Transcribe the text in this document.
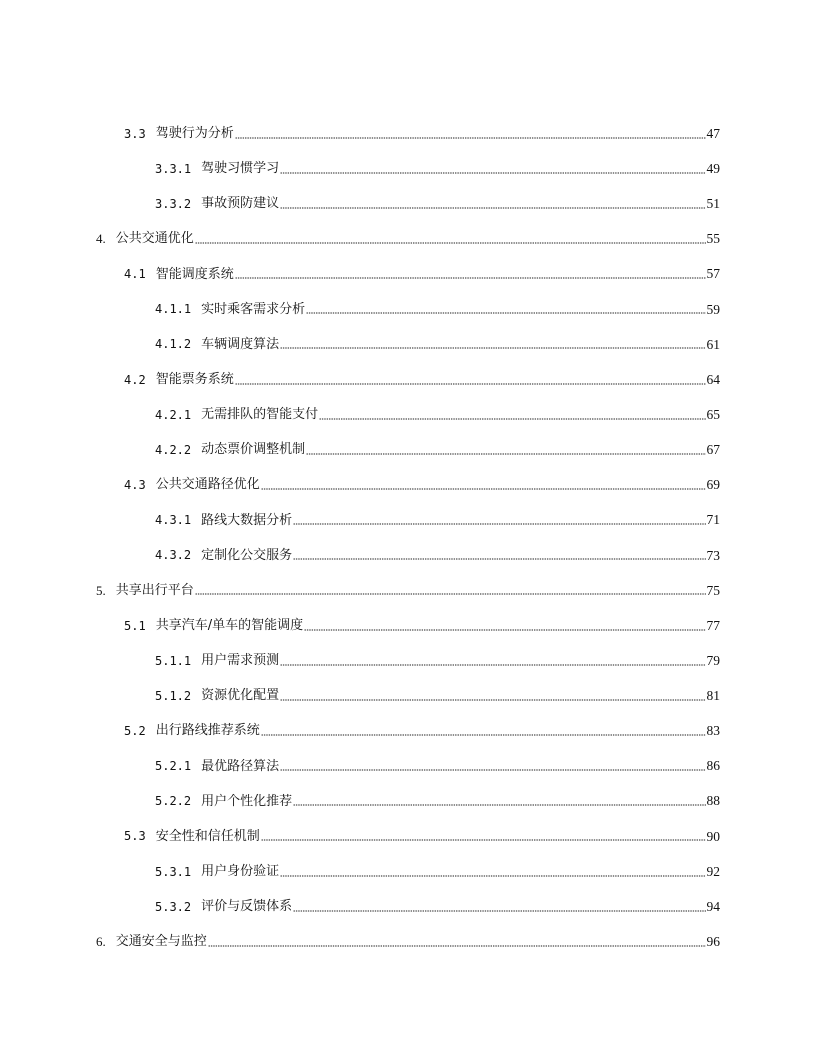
3.3 驾驶行为分析	47
3.3.1 驾驶习惯学习	49
3.3.2 事故预防建议	51
4. 公共交通优化	55
4.1 智能调度系统	57
4.1.1 实时乘客需求分析	59
4.1.2 车辆调度算法	61
4.2 智能票务系统	64
4.2.1 无需排队的智能支付	65
4.2.2 动态票价调整机制	67
4.3 公共交通路径优化	69
4.3.1 路线大数据分析	71
4.3.2 定制化公交服务	73
5. 共享出行平台	75
5.1 共享汽车/单车的智能调度	77
5.1.1 用户需求预测	79
5.1.2 资源优化配置	81
5.2 出行路线推荐系统	83
5.2.1 最优路径算法	86
5.2.2 用户个性化推荐	88
5.3 安全性和信任机制	90
5.3.1 用户身份验证	92
5.3.2 评价与反馈体系	94
6. 交通安全与监控	96
